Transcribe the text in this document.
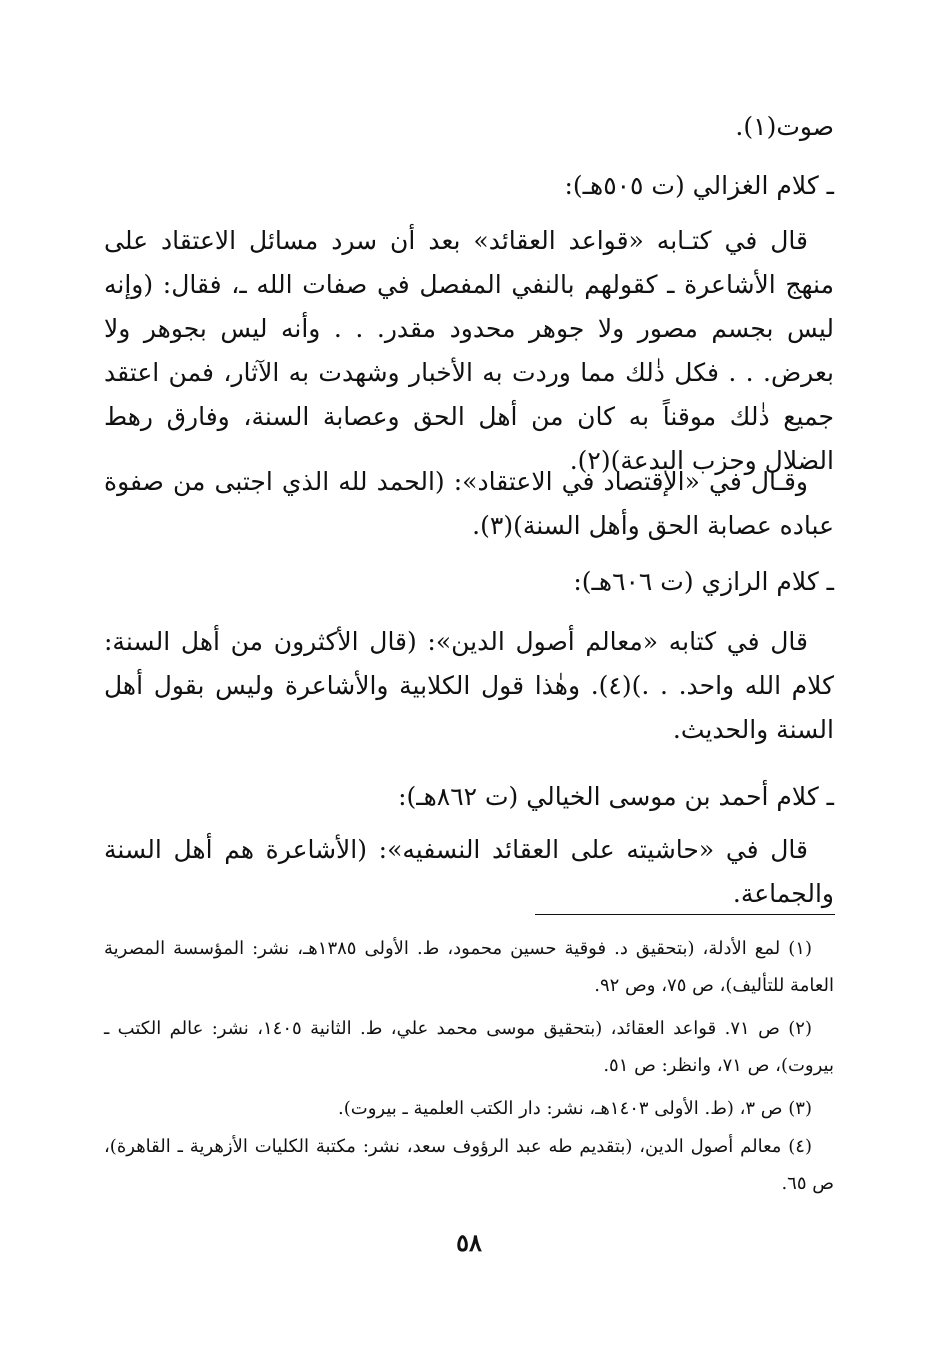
صوت(١).
ـ كلام الغزالي (ت ٥٠٥هـ):
قال في كتـابه «قواعد العقائد» بعد أن سرد مسائل الاعتقاد على منهج الأشاعرة ـ كقولهم بالنفي المفصل في صفات الله ـ، فقال: (وإنه ليس بجسم مصور ولا جوهر محدود مقدر. . . وأنه ليس بجوهر ولا بعرض. . . فكل ذٰلك مما وردت به الأخبار وشهدت به الآثار، فمن اعتقد جميع ذٰلك موقناً به كان من أهل الحق وعصابة السنة، وفارق رهط الضلال وحزب البدعة)(٢).
وقـال في «الإقتصاد في الاعتقاد»: (الحمد لله الذي اجتبى من صفوة عباده عصابة الحق وأهل السنة)(٣).
ـ كلام الرازي (ت ٦٠٦هـ):
قال في كتابه «معالم أصول الدين»: (قال الأكثرون من أهل السنة: كلام الله واحد. . .)(٤). وهٰذا قول الكلابية والأشاعرة وليس بقول أهل السنة والحديث.
ـ كلام أحمد بن موسى الخيالي (ت ٨٦٢هـ):
قال في «حاشيته على العقائد النسفيه»: (الأشاعرة هم أهل السنة والجماعة.
(١) لمع الأدلة، (بتحقيق د. فوقية حسين محمود، ط. الأولى ١٣٨٥هـ، نشر: المؤسسة المصرية العامة للتأليف)، ص ٧٥، وص ٩٢.
(٢) ص ٧١. قواعد العقائد، (بتحقيق موسى محمد علي، ط. الثانية ١٤٠٥، نشر: عالم الكتب ـ بيروت)، ص ٧١، وانظر: ص ٥١.
(٣) ص ٣، (ط. الأولى ١٤٠٣هـ، نشر: دار الكتب العلمية ـ بيروت).
(٤) معالم أصول الدين، (بتقديم طه عبد الرؤوف سعد، نشر: مكتبة الكليات الأزهرية ـ القاهرة)، ص ٦٥.
٥٨
